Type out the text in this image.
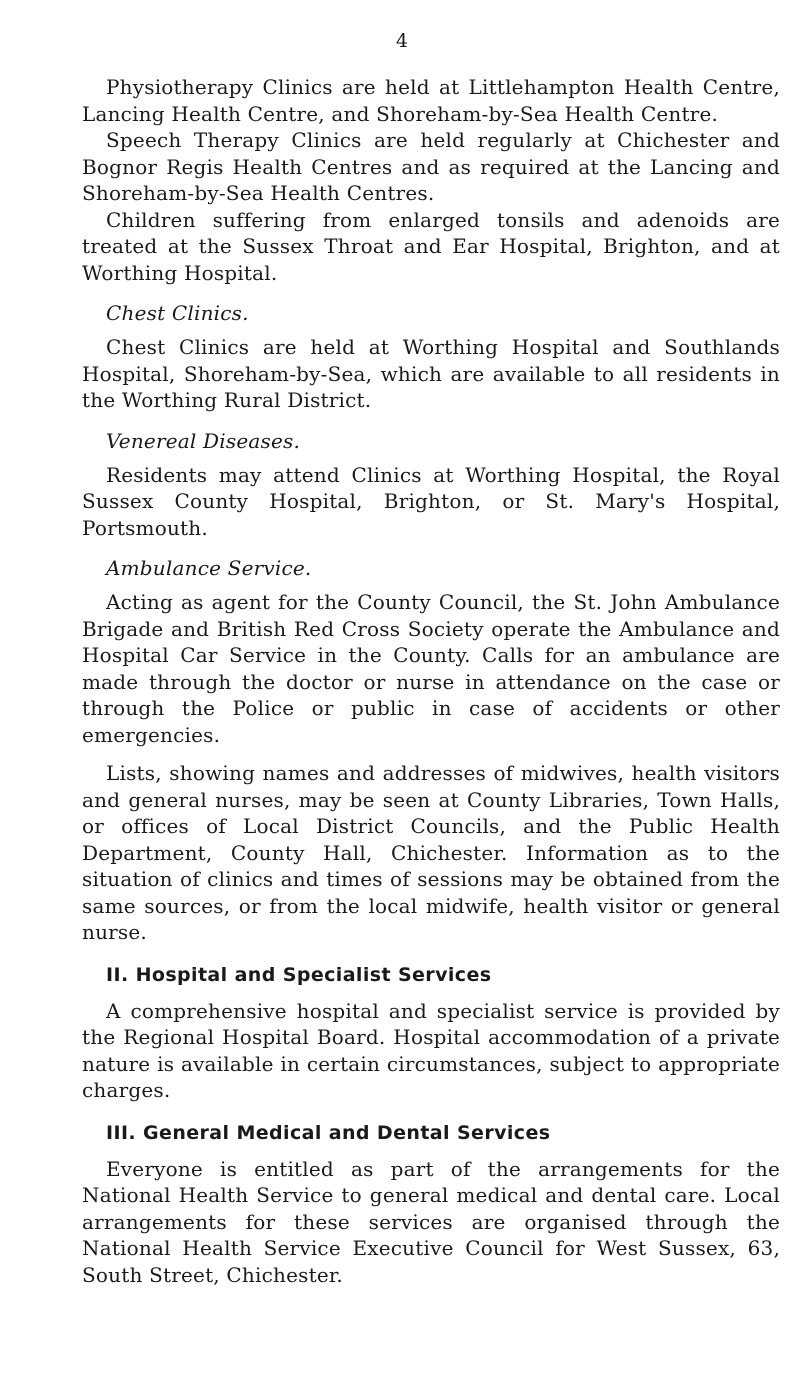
4

Physiotherapy Clinics are held at Littlehampton Health Centre, Lancing Health Centre, and Shoreham-by-Sea Health Centre.

Speech Therapy Clinics are held regularly at Chichester and Bognor Regis Health Centres and as required at the Lancing and Shoreham-by-Sea Health Centres.

Children suffering from enlarged tonsils and adenoids are treated at the Sussex Throat and Ear Hospital, Brighton, and at Worthing Hospital.

Chest Clinics.

Chest Clinics are held at Worthing Hospital and Southlands Hospital, Shoreham-by-Sea, which are available to all residents in the Worthing Rural District.

Venereal Diseases.

Residents may attend Clinics at Worthing Hospital, the Royal Sussex County Hospital, Brighton, or St. Mary's Hospital, Portsmouth.

Ambulance Service.

Acting as agent for the County Council, the St. John Ambulance Brigade and British Red Cross Society operate the Ambulance and Hospital Car Service in the County. Calls for an ambulance are made through the doctor or nurse in attendance on the case or through the Police or public in case of accidents or other emergencies.

Lists, showing names and addresses of midwives, health visitors and general nurses, may be seen at County Libraries, Town Halls, or offices of Local District Councils, and the Public Health Department, County Hall, Chichester. Information as to the situation of clinics and times of sessions may be obtained from the same sources, or from the local midwife, health visitor or general nurse.

II. Hospital and Specialist Services

A comprehensive hospital and specialist service is provided by the Regional Hospital Board. Hospital accommodation of a private nature is available in certain circumstances, subject to appropriate charges.

III. General Medical and Dental Services

Everyone is entitled as part of the arrangements for the National Health Service to general medical and dental care. Local arrangements for these services are organised through the National Health Service Executive Council for West Sussex, 63, South Street, Chichester.
